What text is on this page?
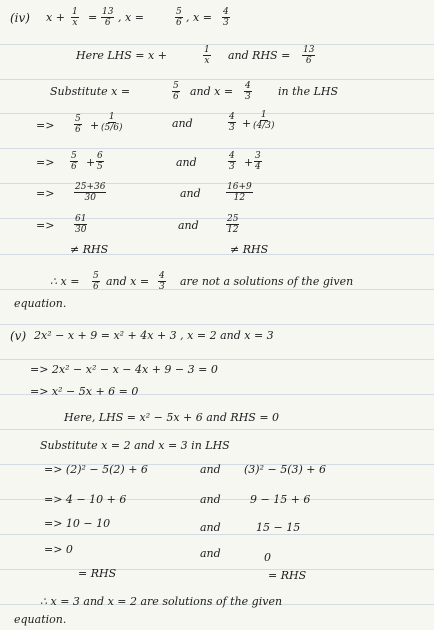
(iv) $x + \frac{1}{x} = \frac{13}{6}$ , x =	$\frac{5}{6}$ , $x = \frac{4}{3}$
Here LHS = x +	$\frac{1}{x}$ and RHS = $\frac{13}{6}$
Substitute x =	$\frac{5}{6}$ and $x = \frac{4}{3}$ in the LHS
=> $\frac{5}{6} + \frac{1}{(5/6)}$	and	$\frac{4}{3} + \frac{1}{(4/3)}$
=> $\frac{5}{6} + \frac{6}{5}$	and	$\frac{4}{3} + \frac{3}{4}$
=> $\frac{25+36}{30}$	and	$\frac{16+9}{12}$
=> $\frac{61}{30}$	and	$\frac{25}{12}$
≠ RHS	≠ RHS
∴ $x = \frac{5}{6}$ and $x = \frac{4}{3}$ are not a solutions of the given
equation.
(v) 2x² − x + 9 = x² + 4x + 3 , x = 2 and x = 3
=> 2x² − x² − x − 4x + 9 − 3 = 0
=> x² − 5x + 6 = 0
Here, LHS = x² − 5x + 6 and RHS = 0
Substitute x = 2 and x = 3 in LHS
=> (2)² − 5(2) + 6	and (3)² − 5(3) + 6
=> 4 − 10 + 6	and	9 − 15 + 6
=> 10 − 10	and	15 − 15
=> 0	and	0
= RHS	= RHS
∴ x = 3 and x = 2 are solutions of the given
equation.
